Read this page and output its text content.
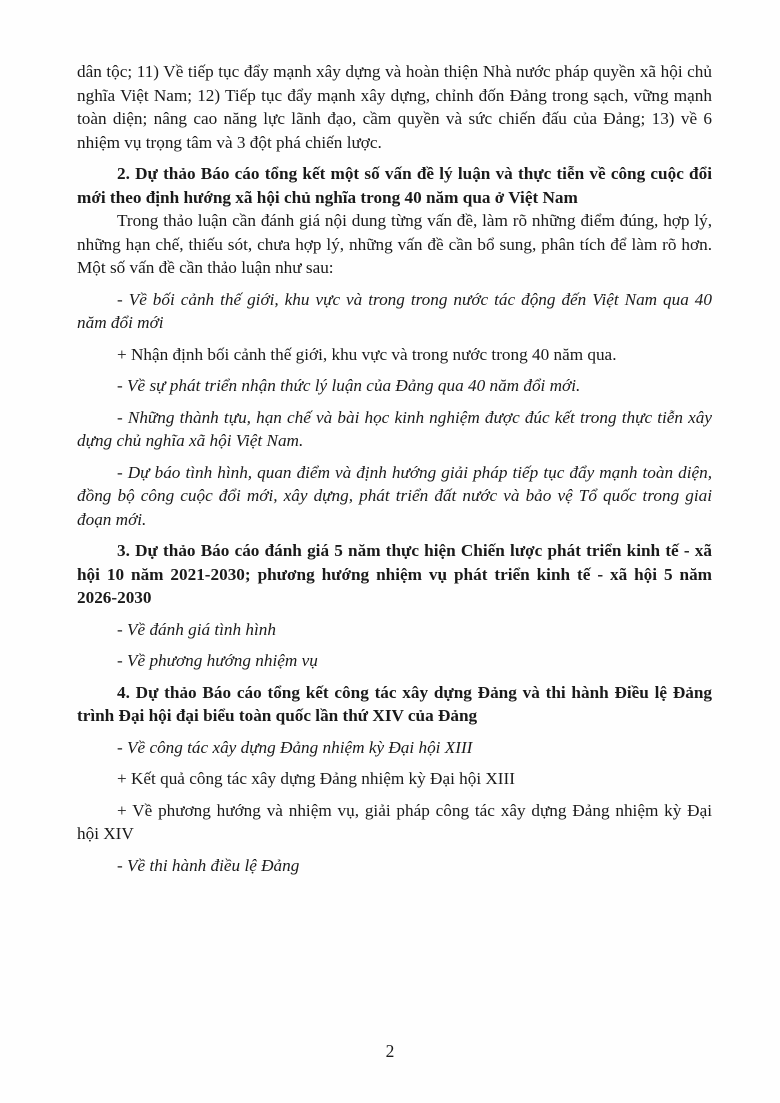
dân tộc; 11) Về tiếp tục đẩy mạnh xây dựng và hoàn thiện Nhà nước pháp quyền xã hội chủ nghĩa Việt Nam; 12) Tiếp tục đẩy mạnh xây dựng, chỉnh đốn Đảng trong sạch, vững mạnh toàn diện; nâng cao năng lực lãnh đạo, cầm quyền và sức chiến đấu của Đảng; 13) về 6 nhiệm vụ trọng tâm và 3 đột phá chiến lược.

2. Dự thảo Báo cáo tổng kết một số vấn đề lý luận và thực tiễn về công cuộc đổi mới theo định hướng xã hội chủ nghĩa trong 40 năm qua ở Việt Nam

Trong thảo luận cần đánh giá nội dung từng vấn đề, làm rõ những điểm đúng, hợp lý, những hạn chế, thiếu sót, chưa hợp lý, những vấn đề cần bổ sung, phân tích để làm rõ hơn. Một số vấn đề cần thảo luận như sau:

- Về bối cảnh thế giới, khu vực và trong trong nước tác động đến Việt Nam qua 40 năm đổi mới

+ Nhận định bối cảnh thế giới, khu vực và trong nước trong 40 năm qua.

- Về sự phát triển nhận thức lý luận của Đảng qua 40 năm đổi mới.

- Những thành tựu, hạn chế và bài học kinh nghiệm được đúc kết trong thực tiễn xây dựng chủ nghĩa xã hội Việt Nam.

- Dự báo tình hình, quan điểm và định hướng giải pháp tiếp tục đẩy mạnh toàn diện, đồng bộ công cuộc đổi mới, xây dựng, phát triển đất nước và bảo vệ Tổ quốc trong giai đoạn mới.

3. Dự thảo Báo cáo đánh giá 5 năm thực hiện Chiến lược phát triển kinh tế - xã hội 10 năm 2021-2030; phương hướng nhiệm vụ phát triển kinh tế - xã hội 5 năm 2026-2030

- Về đánh giá tình hình

- Về phương hướng nhiệm vụ

4. Dự thảo Báo cáo tổng kết công tác xây dựng Đảng và thi hành Điều lệ Đảng trình Đại hội đại biểu toàn quốc lần thứ XIV của Đảng

- Về công tác xây dựng Đảng nhiệm kỳ Đại hội XIII

+ Kết quả công tác xây dựng Đảng nhiệm kỳ Đại hội XIII

+ Về phương hướng và nhiệm vụ, giải pháp công tác xây dựng Đảng nhiệm kỳ Đại hội XIV

- Về thi hành điều lệ Đảng

2
